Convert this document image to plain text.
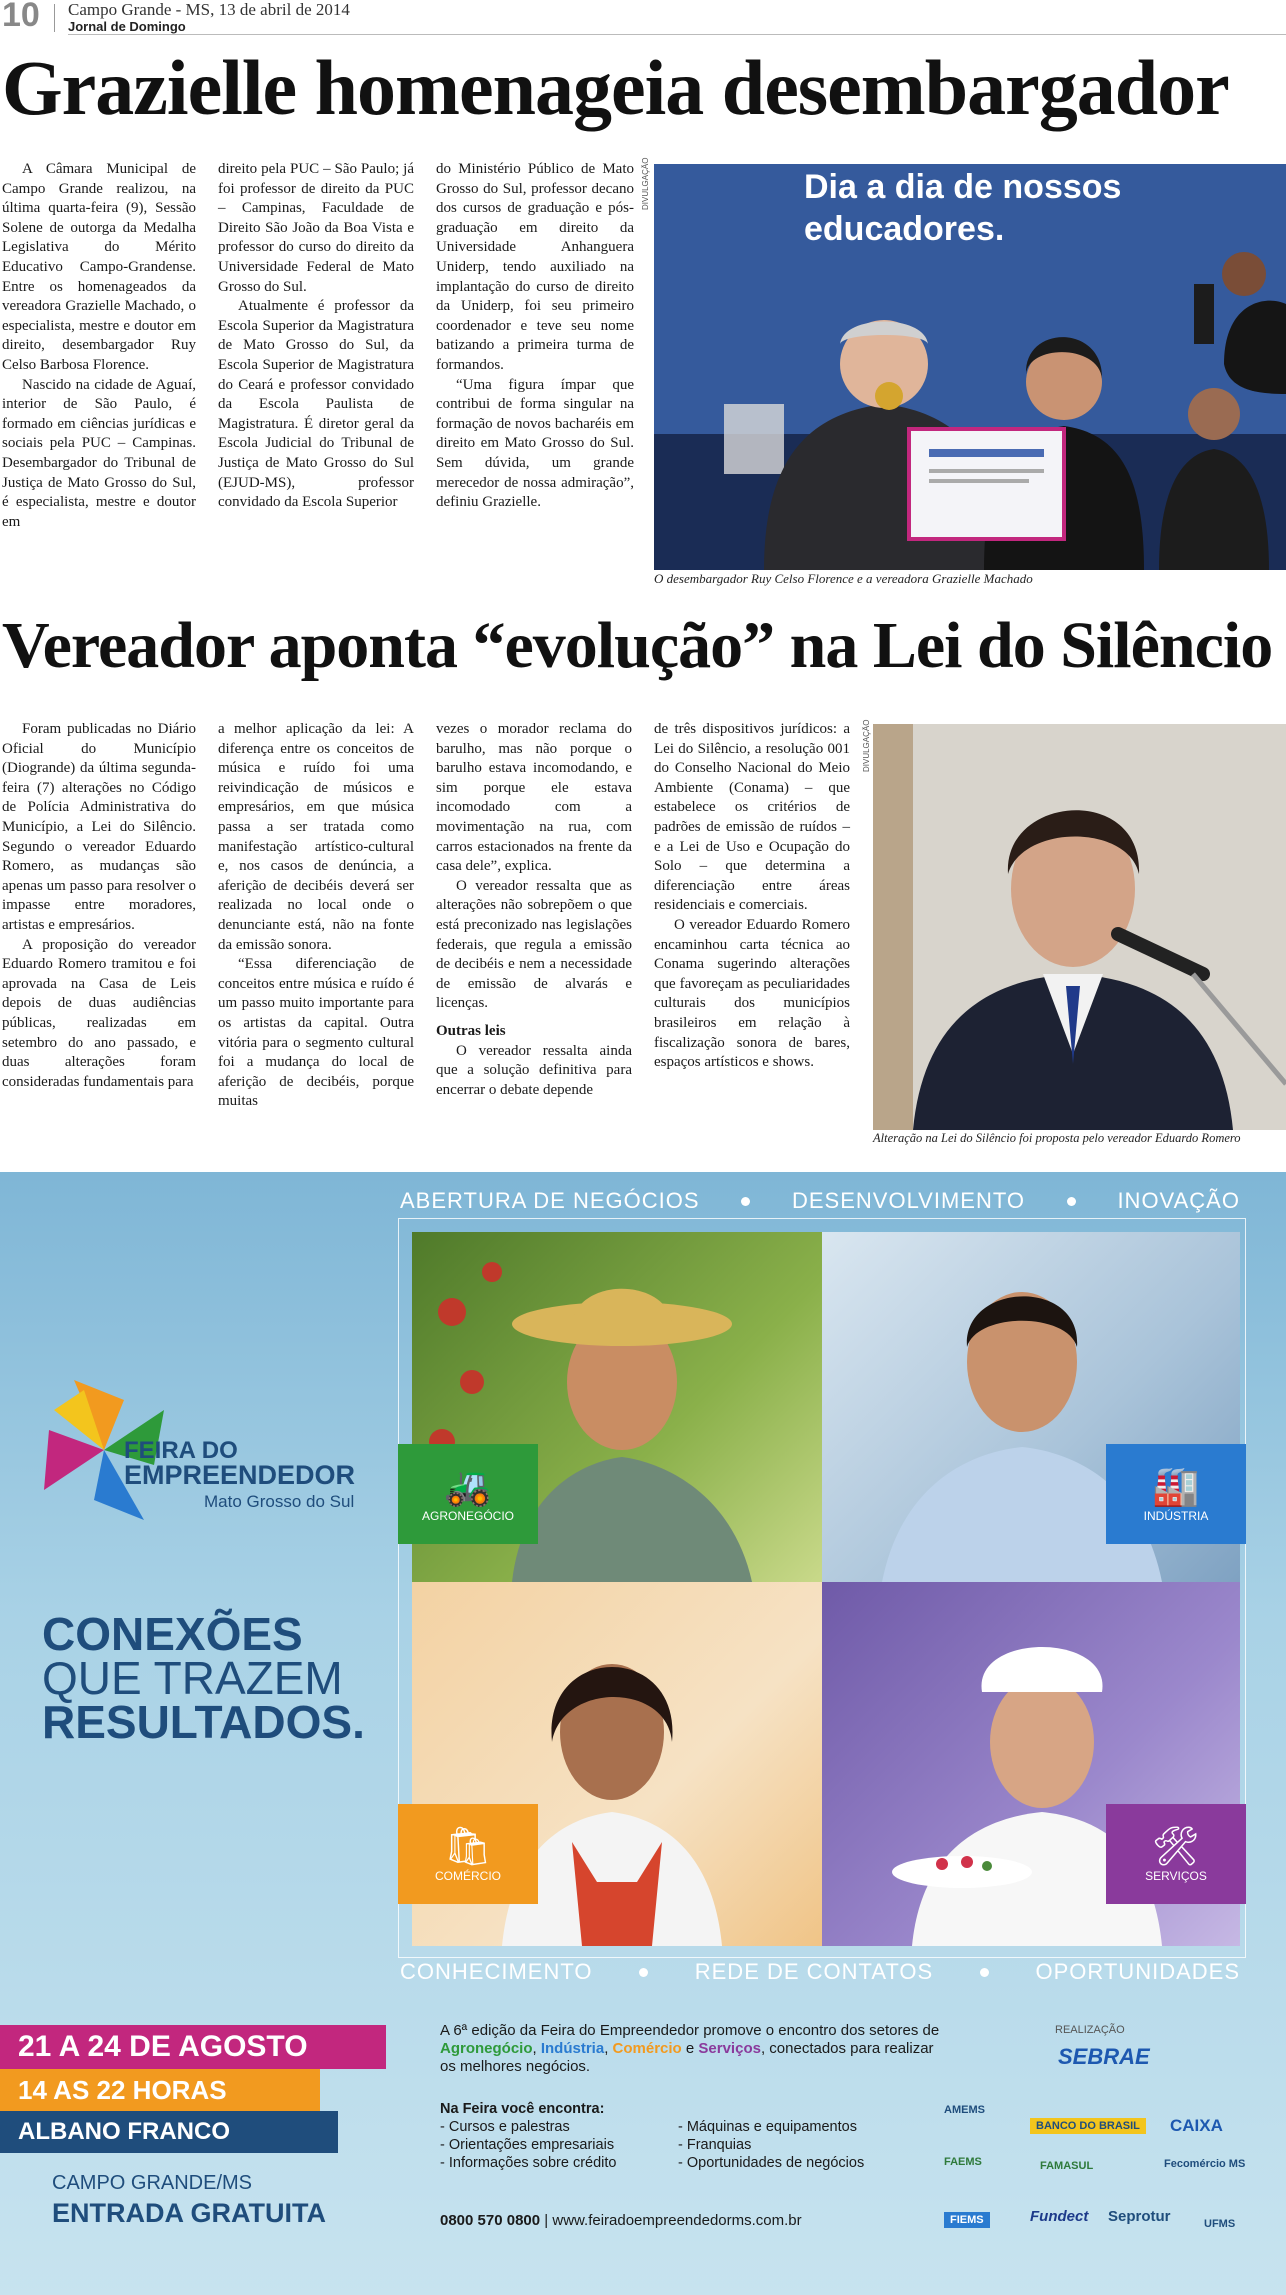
10 Campo Grande - MS, 13 de abril de 2014
Jornal de Domingo
Grazielle homenageia desembargador

A Câmara Municipal de Campo Grande realizou, na última quarta-feira (9), Sessão Solene de outorga da Medalha Legislativa do Mérito Educativo Campo-Grandense. Entre os homenageados da vereadora Grazielle Machado, o especialista, mestre e doutor em direito, desembargador Ruy Celso Barbosa Florence.

Nascido na cidade de Aguaí, interior de São Paulo, é formado em ciências jurídicas e sociais pela PUC – Campinas. Desembargador do Tribunal de Justiça de Mato Grosso do Sul, é especialista, mestre e doutor em

direito pela PUC – São Paulo; já foi professor de direito da PUC – Campinas, Faculdade de Direito São João da Boa Vista e professor do curso do direito da Universidade Federal de Mato Grosso do Sul.

Atualmente é professor da Escola Superior da Magistratura de Mato Grosso do Sul, da Escola Superior de Magistratura do Ceará e professor convidado da Escola Paulista de Magistratura. É diretor geral da Escola Judicial do Tribunal de Justiça de Mato Grosso do Sul (EJUD-MS), professor convidado da Escola Superior

do Ministério Público de Mato Grosso do Sul, professor decano dos cursos de graduação e pós-graduação em direito da Universidade Anhanguera Uniderp, tendo auxiliado na implantação do curso de direito da Uniderp, foi seu primeiro coordenador e teve seu nome batizando a primeira turma de formandos.

“Uma figura ímpar que contribui de forma singular na formação de novos bacharéis em direito em Mato Grosso do Sul. Sem dúvida, um grande merecedor de nossa admiração”, definiu Grazielle.

DIVULGAÇÃO	Dia a dia de nossos educadores.
O desembargador Ruy Celso Florence e a vereadora Grazielle Machado
Vereador aponta “evolução” na Lei do Silêncio

Foram publicadas no Diário Oficial do Município (Diogrande) da última segunda-feira (7) alterações no Código de Polícia Administrativa do Município, a Lei do Silêncio. Segundo o vereador Eduardo Romero, as mudanças são apenas um passo para resolver o impasse entre moradores, artistas e empresários.

A proposição do vereador Eduardo Romero tramitou e foi aprovada na Casa de Leis depois de duas audiências públicas, realizadas em setembro do ano passado, e duas alterações foram consideradas fundamentais para

a melhor aplicação da lei: A diferença entre os conceitos de música e ruído foi uma reivindicação de músicos e empresários, em que música passa a ser tratada como manifestação artístico-cultural e, nos casos de denúncia, a aferição de decibéis deverá ser realizada no local onde o denunciante está, não na fonte da emissão sonora.

“Essa diferenciação de conceitos entre música e ruído é um passo muito importante para os artistas da capital. Outra vitória para o segmento cultural foi a mudança do local de aferição de decibéis, porque muitas

vezes o morador reclama do barulho, mas não porque o barulho estava incomodando, e sim porque ele estava incomodado com a movimentação na rua, com carros estacionados na frente da casa dele”, explica.

O vereador ressalta que as alterações não sobrepõem o que está preconizado nas legislações federais, que regula a emissão de decibéis e nem a necessidade de emissão de alvarás e licenças.

Outras leis

O vereador ressalta ainda que a solução definitiva para encerrar o debate depende

de três dispositivos jurídicos: a Lei do Silêncio, a resolução 001 do Conselho Nacional do Meio Ambiente (Conama) – que estabelece os critérios de padrões de emissão de ruídos – e a Lei de Uso e Ocupação do Solo – que determina a diferenciação entre áreas residenciais e comerciais.

O vereador Eduardo Romero encaminhou carta técnica ao Conama sugerindo alterações que favoreçam as peculiaridades culturais dos municípios brasileiros em relação à fiscalização sonora de bares, espaços artísticos e shows.

DIVULGAÇÃO
Alteração na Lei do Silêncio foi proposta pelo vereador Eduardo Romero
ABERTURA DE NEGÓCIOS	DESENVOLVIMENTO	INOVAÇÃO
🚜
AGRONEGÓCIO
🏭
INDÚSTRIA
🛍
COMÉRCIO
🛠
SERVIÇOS
CONHECIMENTO	REDE DE CONTATOS	OPORTUNIDADES
FEIRA DO
EMPREENDEDOR
Mato Grosso do Sul
CONEXÕES
QUE TRAZEM
RESULTADOS.
21 A 24 DE AGOSTO
14 AS 22 HORAS
ALBANO FRANCO
CAMPO GRANDE/MS
ENTRADA GRATUITA
A 6ª edição da Feira do Empreendedor promove o encontro dos setores de Agronegócio, Indústria, Comércio e Serviços, conectados para realizar os melhores negócios.
Na Feira você encontra:
- Cursos e palestras
- Orientações empresariais
- Informações sobre crédito
- Máquinas e equipamentos
- Franquias
- Oportunidades de negócios
0800 570 0800 | www.feiradoempreendedorms.com.br
REALIZAÇÃO
SEBRAE
AMEMS
BANCO DO BRASIL	CAIXA
FAEMS	FAMASUL	Fecomércio MS
FIEMS	Fundect Seprotur	UFMS
